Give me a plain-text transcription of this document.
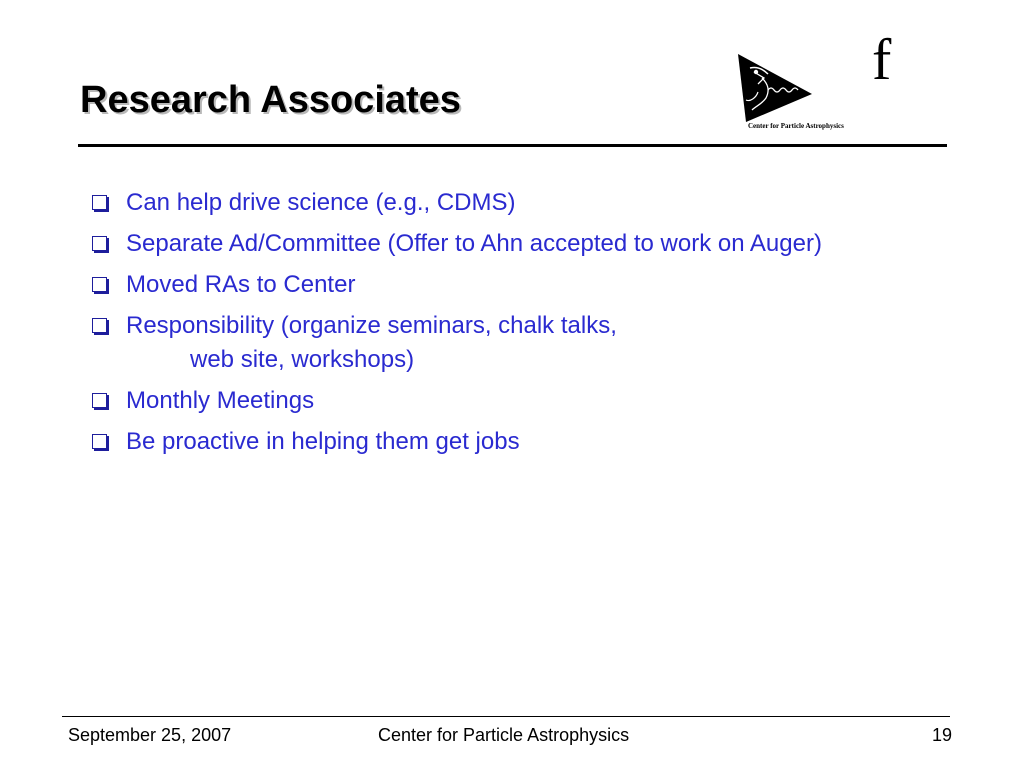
Research Associates
Center for Particle Astrophysics
f
Can help drive science (e.g., CDMS)
Separate Ad/Committee (Offer to Ahn accepted to work on Auger)
Moved RAs to Center
Responsibility (organize seminars, chalk talks,
web site, workshops)
Monthly Meetings
Be proactive in helping them get jobs
September 25, 2007	Center for Particle Astrophysics	19
